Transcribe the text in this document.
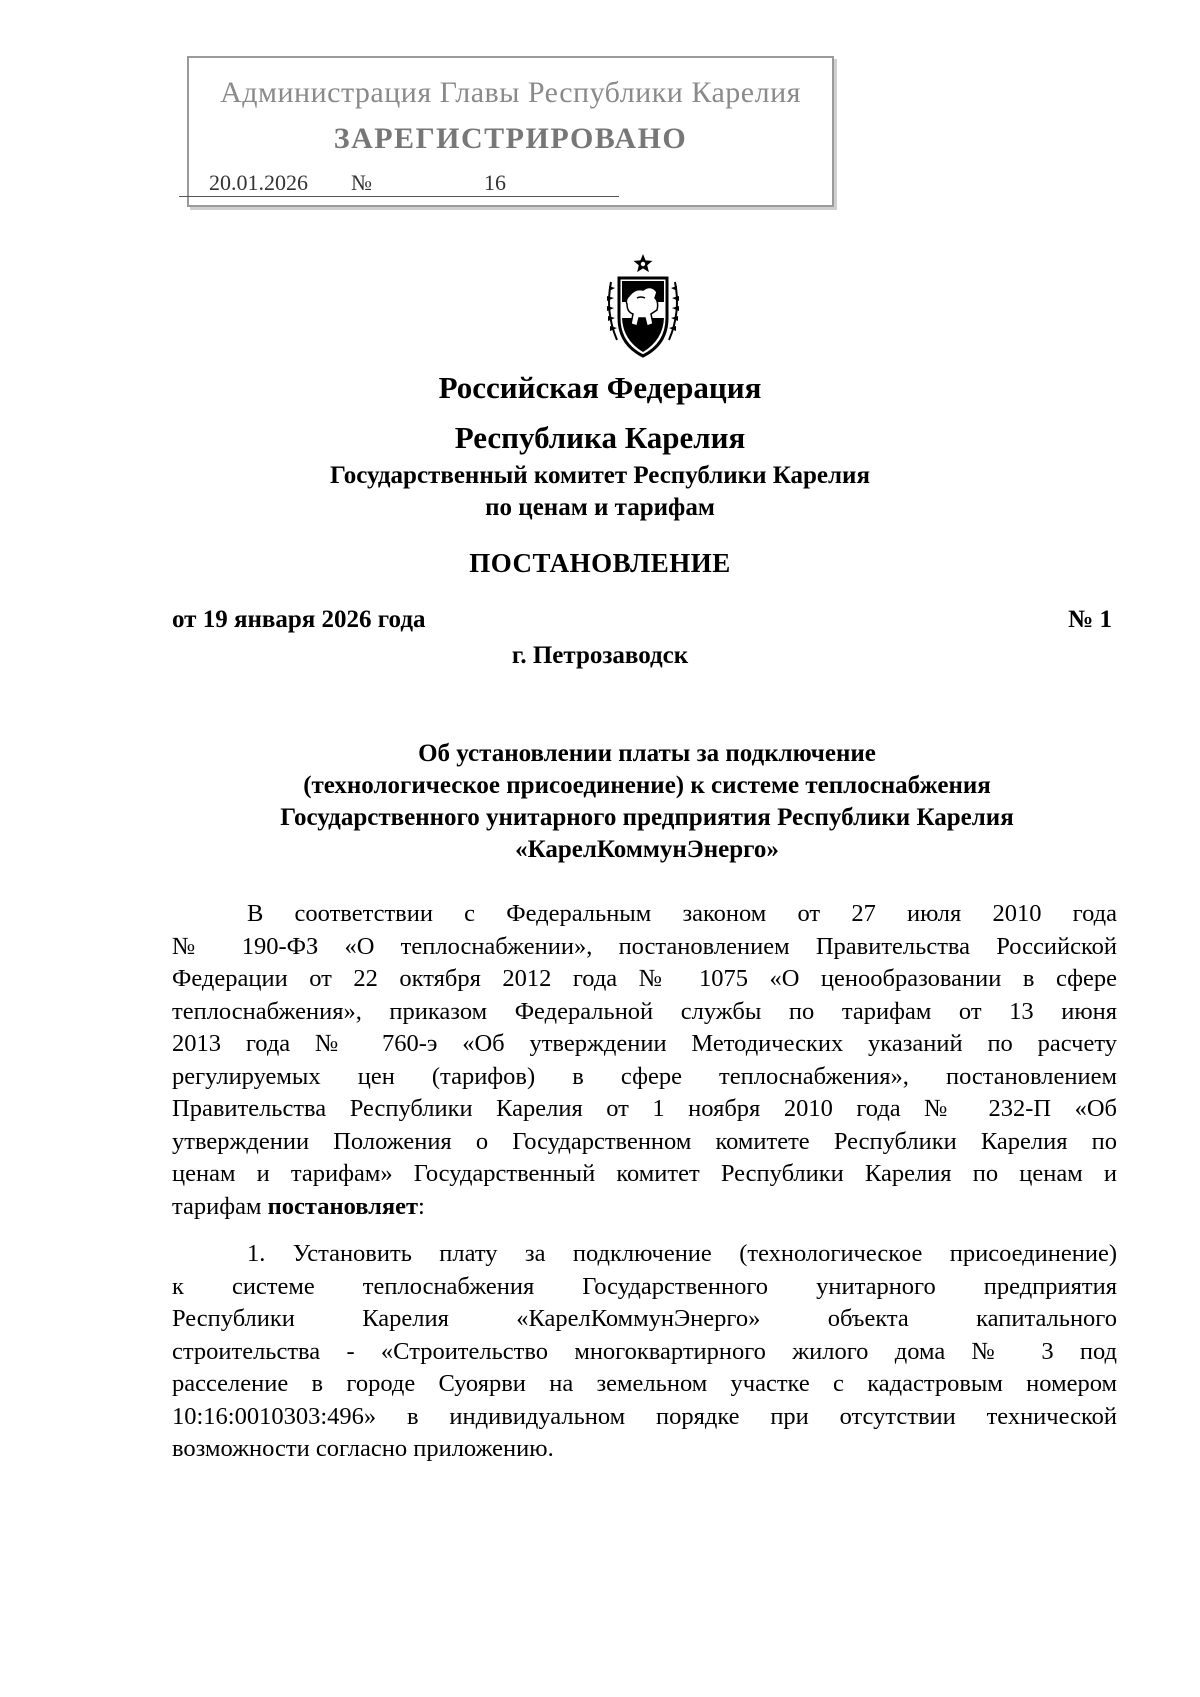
Администрация Главы Республики Карелия
ЗАРЕГИСТРИРОВАНО
20.01.2026 №	16
Российская Федерация
Республика Карелия
Государственный комитет Республики Карелия
по ценам и тарифам
ПОСТАНОВЛЕНИЕ
от 19 января 2026 года	№ 1
г. Петрозаводск
Об установлении платы за подключение
(технологическое присоединение) к системе теплоснабжения
Государственного унитарного предприятия Республики Карелия
«КарелКоммунЭнерго»
В соответствии с Федеральным законом от 27 июля 2010 года
№ 190-ФЗ «О теплоснабжении», постановлением Правительства Российской
Федерации от 22 октября 2012 года № 1075 «О ценообразовании в сфере
теплоснабжения», приказом Федеральной службы по тарифам от 13 июня
2013 года № 760-э «Об утверждении Методических указаний по расчету
регулируемых цен (тарифов) в сфере теплоснабжения», постановлением
Правительства Республики Карелия от 1 ноября 2010 года № 232-П «Об
утверждении Положения о Государственном комитете Республики Карелия по
ценам и тарифам» Государственный комитет Республики Карелия по ценам и
тарифам постановляет:
1. Установить плату за подключение (технологическое присоединение)
к системе теплоснабжения Государственного унитарного предприятия
Республики Карелия «КарелКоммунЭнерго» объекта капитального
строительства - «Строительство многоквартирного жилого дома № 3 под
расселение в городе Суоярви на земельном участке с кадастровым номером
10:16:0010303:496» в индивидуальном порядке при отсутствии технической
возможности согласно приложению.
